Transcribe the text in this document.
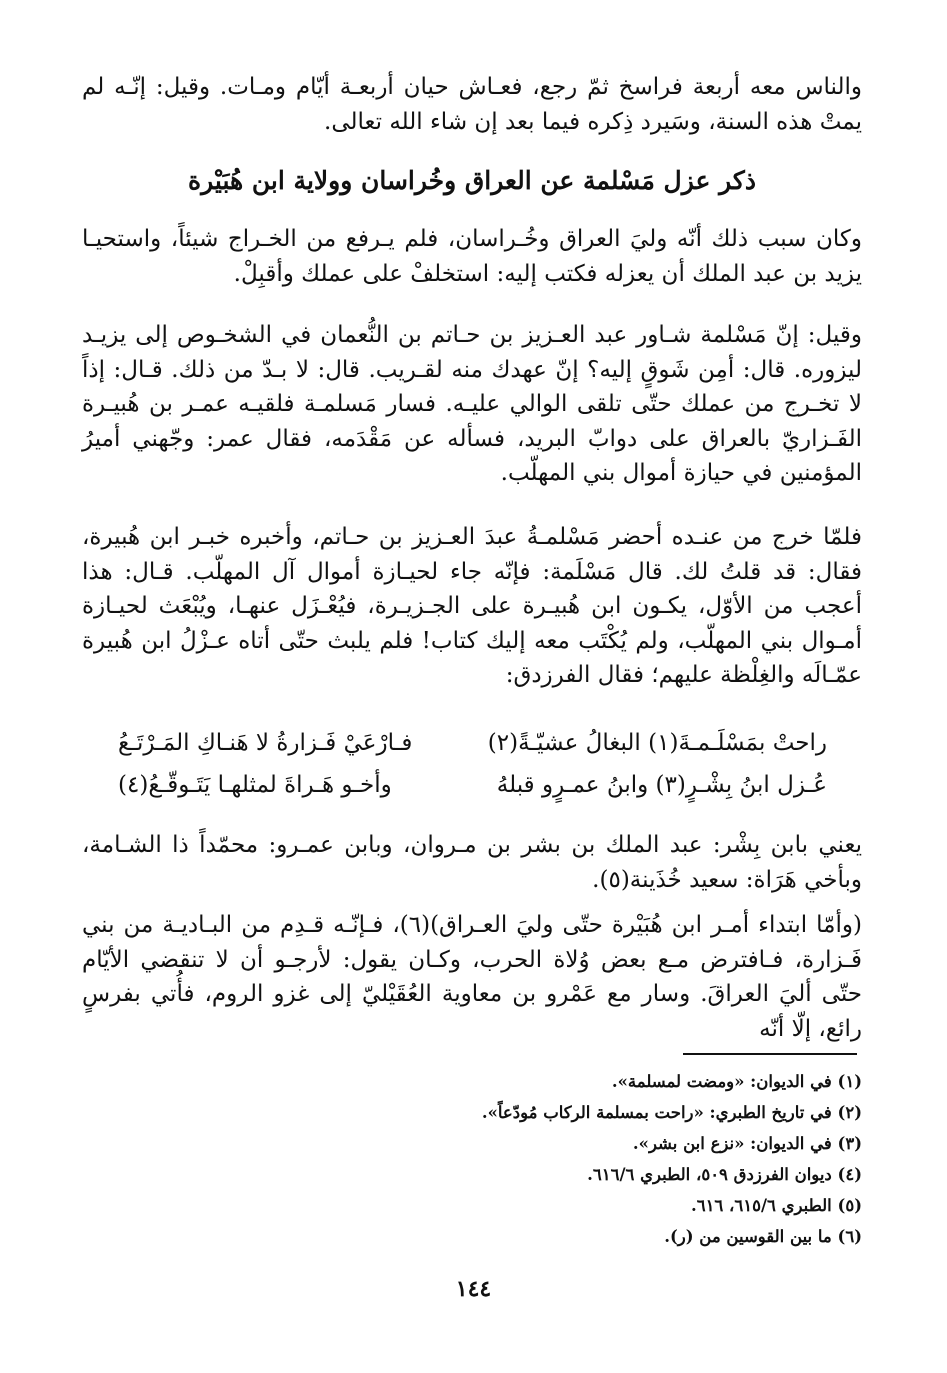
والناس معه أربعة فراسخ ثمّ رجع، فعـاش حيان أربعـة أيّام ومـات. وقيل: إنّـه لم يمتْ هذه السنة، وسَيرد ذِكره فيما بعد إن شاء الله تعالى.

ذكر عزل مَسْلمة عن العراق وخُراسان وولاية ابن هُبَيْرة

وكان سبب ذلك أنّه وليَ العراق وخُـراسان، فلم يـرفع من الخـراج شيئاً، واستحيـا يزيد بن عبد الملك أن يعزله فكتب إليه: استخلفْ على عملك وأقبِلْ.

وقيل: إنّ مَسْلمة شـاور عبد العـزيز بن حـاتم بن النُّعمان في الشخـوص إلى يزيـد ليزوره. قال: أمِن شَوقٍ إليه؟ إنّ عهدك منه لقـريب. قال: لا بـدّ من ذلك. قـال: إذاً لا تخـرج من عملك حتّى تلقى الوالي عليـه. فسار مَسلمـة فلقيـه عمـر بن هُبيـرة الفَـزاريّ بالعراق على دوابّ البريد، فسأله عن مَقْدَمه، فقال عمر: وجّهني أميرُ المؤمنين في حيازة أموال بني المهلّب.

فلمّا خرج من عنـده أحضر مَسْلمـةُ عبدَ العـزيز بن حـاتم، وأخبره خبـر ابن هُبيرة، فقال: قد قلتُ لك. قال مَسْلَمة: فإنّه جاء لحيـازة أموال آل المهلّب. قـال: هذا أعجب من الأوّل، يكـون ابن هُبيـرة على الجـزيـرة، فيُعْـزَل عنهـا، ويُبْعَث لحيـازة أمـوال بني المهلّب، ولم يُكْتَب معه إليك كتاب! فلم يلبث حتّى أتاه عـزْلُ ابن هُبيرة عمّـالَه والغِلْظة عليهم؛ فقال الفرزدق:

راحتْ بمَسْلَـمـةَ(١) البغالُ عشيّـةً(٢)
فـارْعَيْ فَـزارةُ لا هَنـاكِ المَـرْتَـعُ
عُـزل ابنُ بِشْـرٍ(٣) وابنُ عمـرٍو قبلهُ
وأخـو هَـراةَ لمثلهـا يَتَـوقّـعُ(٤)

يعني بابن بِشْر: عبد الملك بن بشر بن مـروان، وبابن عمـرو: محمّداً ذا الشـامة، وبأخي هَرَاة: سعيد خُذَينة(٥).

(وأمّا ابتداء أمـر ابن هُبَيْرة حتّى وليَ العـراق)(٦)، فـإنّـه قـدِم من البـاديـة من بني فَـزارة، فـافترض مـع بعض وُلاة الحرب، وكـان يقول: لأرجـو أن لا تنقضي الأيّام حتّى أليَ العراقَ. وسار مع عَمْرو بن معاوية العُقَيْليّ إلى غزو الروم، فأُتي بفرسٍ رائع، إلّا أنّه

(١) في الديوان: «ومضت لمسلمة».
(٢) في تاريخ الطبري: «راحت بمسلمة الركاب مُودّعاً».
(٣) في الديوان: «نزع ابن بشر».
(٤) ديوان الفرزدق ٥٠٩، الطبري ٦١٦/٦.
(٥) الطبري ٦١٥/٦، ٦١٦.
(٦) ما بين القوسين من (ر).
١٤٤
